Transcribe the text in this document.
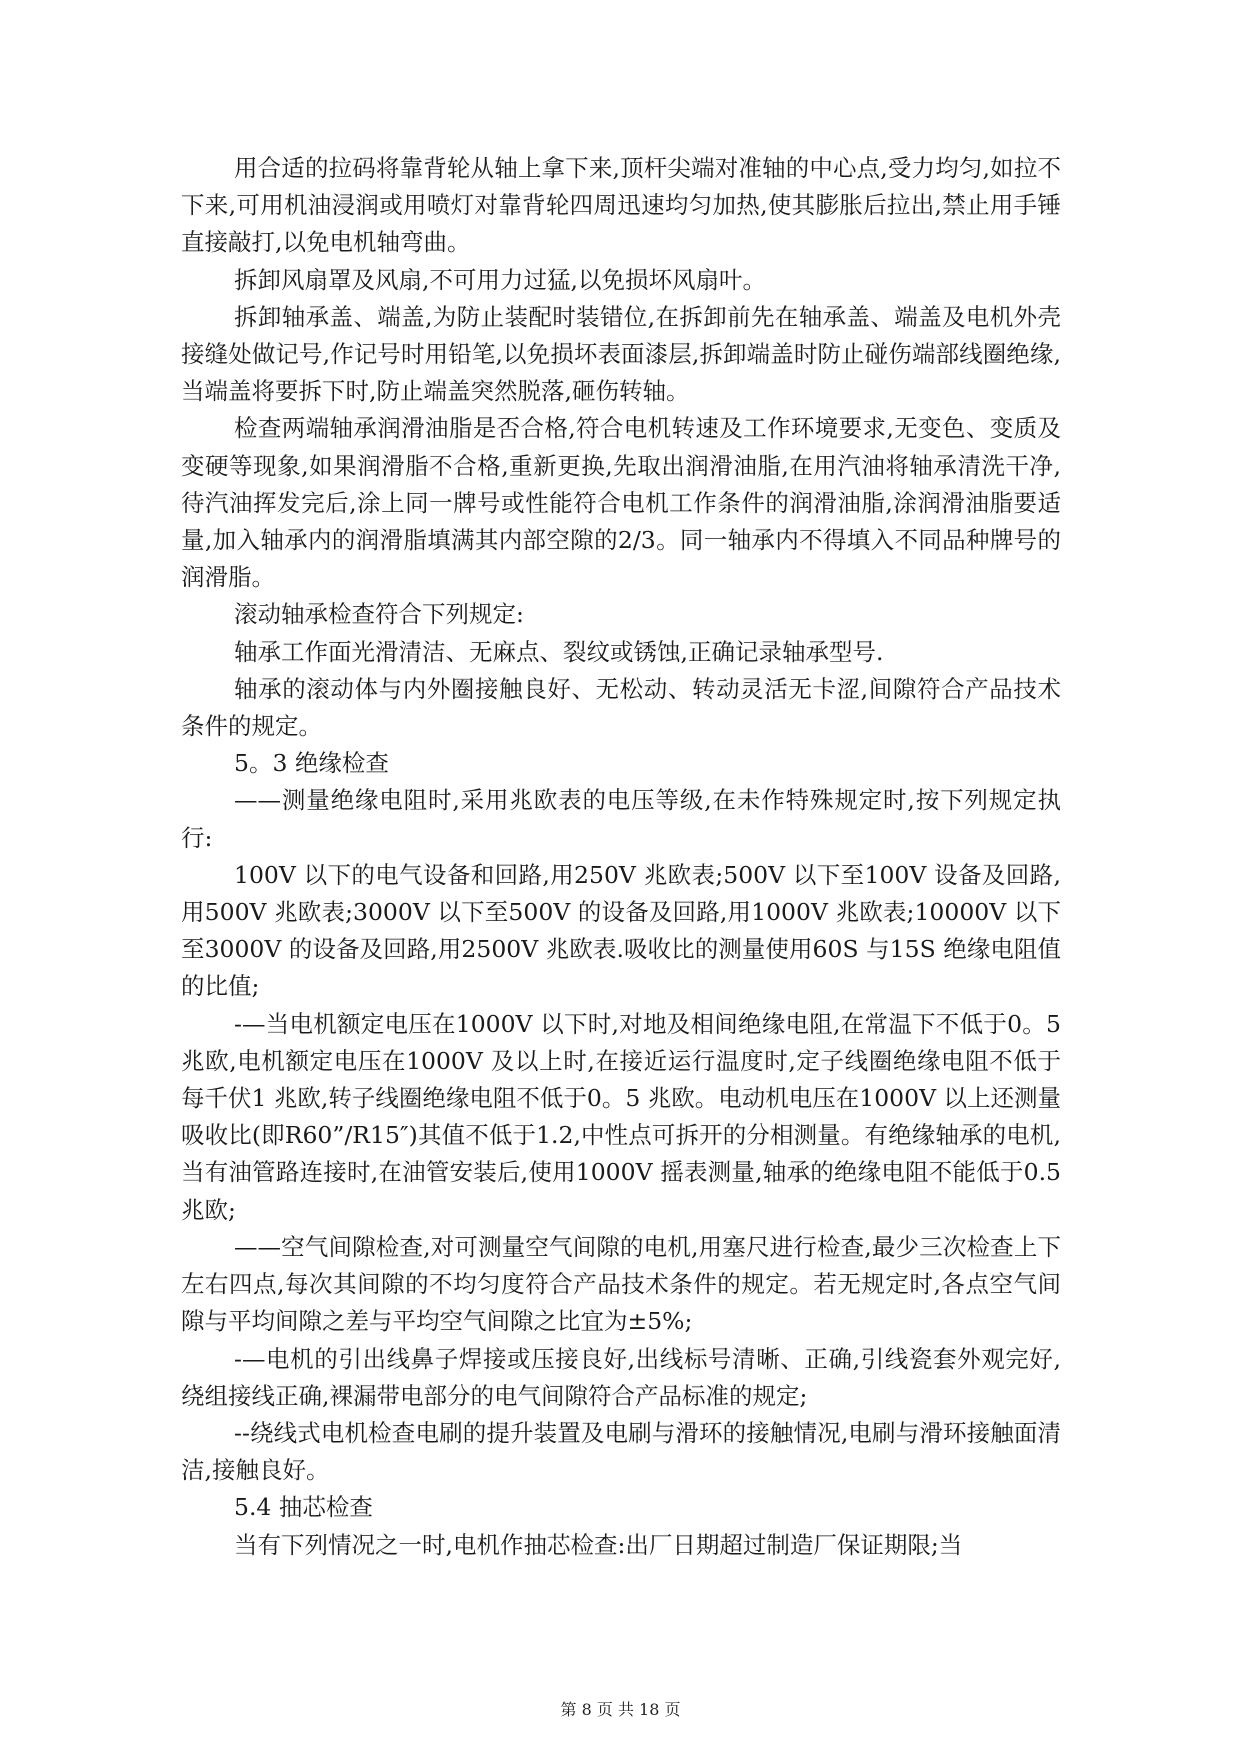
用合适的拉码将靠背轮从轴上拿下来,顶杆尖端对准轴的中心点,受力均匀,如拉不下来,可用机油浸润或用喷灯对靠背轮四周迅速均匀加热,使其膨胀后拉出,禁止用手锤直接敲打,以免电机轴弯曲。

拆卸风扇罩及风扇,不可用力过猛,以免损坏风扇叶。

拆卸轴承盖、端盖,为防止装配时装错位,在拆卸前先在轴承盖、端盖及电机外壳接缝处做记号,作记号时用铅笔,以免损坏表面漆层,拆卸端盖时防止碰伤端部线圈绝缘,当端盖将要拆下时,防止端盖突然脱落,砸伤转轴。

检查两端轴承润滑油脂是否合格,符合电机转速及工作环境要求,无变色、变质及变硬等现象,如果润滑脂不合格,重新更换,先取出润滑油脂,在用汽油将轴承清洗干净,待汽油挥发完后,涂上同一牌号或性能符合电机工作条件的润滑油脂,涂润滑油脂要适量,加入轴承内的润滑脂填满其内部空隙的2/3。同一轴承内不得填入不同品种牌号的润滑脂。

滚动轴承检查符合下列规定:

轴承工作面光滑清洁、无麻点、裂纹或锈蚀,正确记录轴承型号.

轴承的滚动体与内外圈接触良好、无松动、转动灵活无卡涩,间隙符合产品技术条件的规定。

5。3 绝缘检查

——测量绝缘电阻时,采用兆欧表的电压等级,在未作特殊规定时,按下列规定执行:

100V 以下的电气设备和回路,用250V 兆欧表;500V 以下至100V 设备及回路,用500V 兆欧表;3000V 以下至500V 的设备及回路,用1000V 兆欧表;10000V 以下至3000V 的设备及回路,用2500V 兆欧表.吸收比的测量使用60S 与15S 绝缘电阻值的比值;

-—当电机额定电压在1000V 以下时,对地及相间绝缘电阻,在常温下不低于0。5 兆欧,电机额定电压在1000V 及以上时,在接近运行温度时,定子线圈绝缘电阻不低于每千伏1 兆欧,转子线圈绝缘电阻不低于0。5 兆欧。电动机电压在1000V 以上还测量吸收比(即R60”/R15″)其值不低于1.2,中性点可拆开的分相测量。有绝缘轴承的电机,当有油管路连接时,在油管安装后,使用1000V 摇表测量,轴承的绝缘电阻不能低于0.5 兆欧;

——空气间隙检查,对可测量空气间隙的电机,用塞尺进行检查,最少三次检查上下左右四点,每次其间隙的不均匀度符合产品技术条件的规定。若无规定时,各点空气间隙与平均间隙之差与平均空气间隙之比宜为±5%;

-—电机的引出线鼻子焊接或压接良好,出线标号清晰、正确,引线瓷套外观完好,绕组接线正确,裸漏带电部分的电气间隙符合产品标准的规定;

--绕线式电机检查电刷的提升装置及电刷与滑环的接触情况,电刷与滑环接触面清洁,接触良好。

5.4 抽芯检查

当有下列情况之一时,电机作抽芯检查:出厂日期超过制造厂保证期限;当

第 8 页 共 18 页
